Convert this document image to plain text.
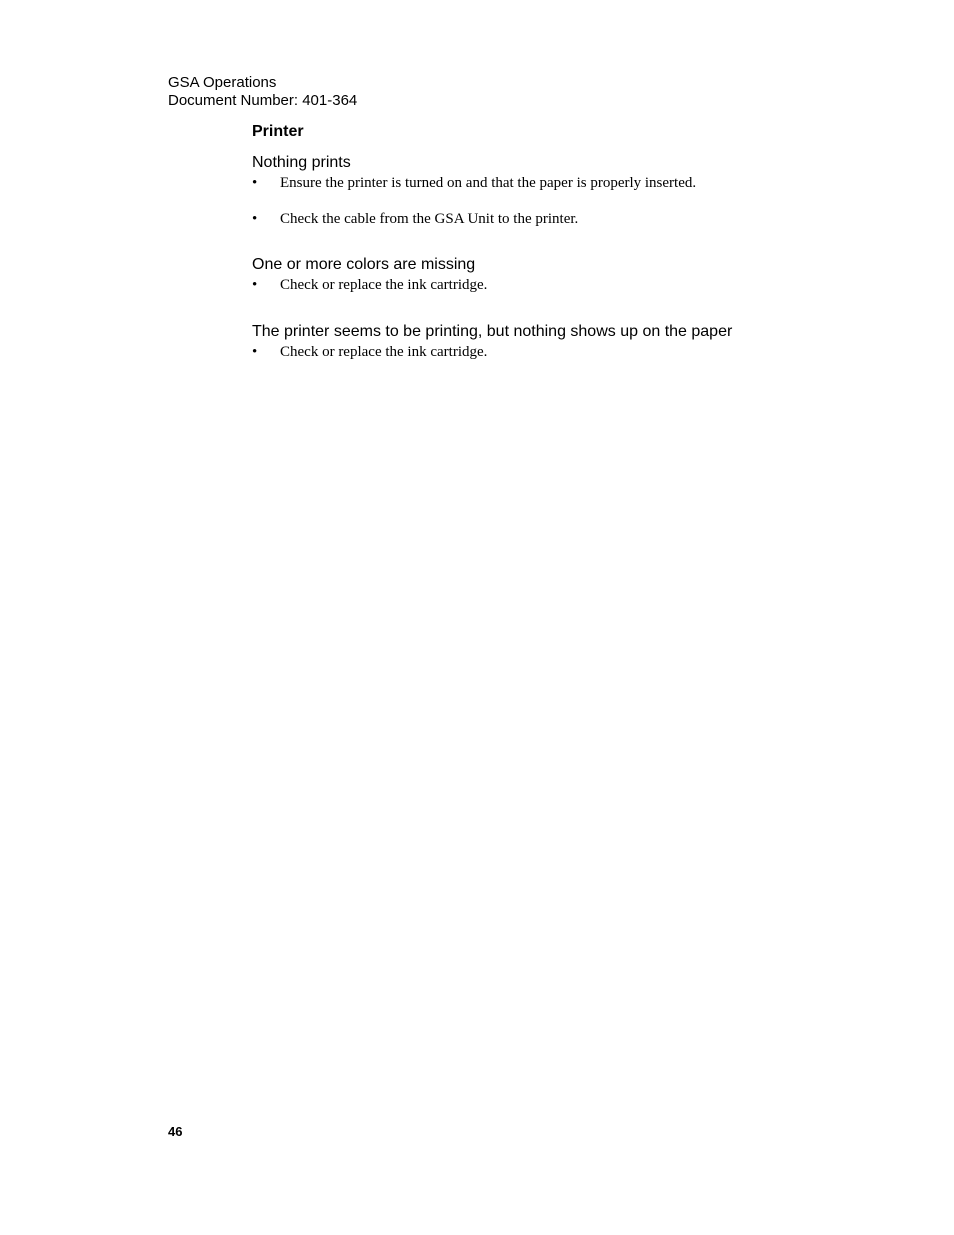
GSA Operations
Document Number: 401-364
Printer
Nothing prints
•	Ensure the printer is turned on and that the paper is properly inserted.
•	Check the cable from the GSA Unit to the printer.
One or more colors are missing
•	Check or replace the ink cartridge.
The printer seems to be printing, but nothing shows up on the paper
•	Check or replace the ink cartridge.
46
